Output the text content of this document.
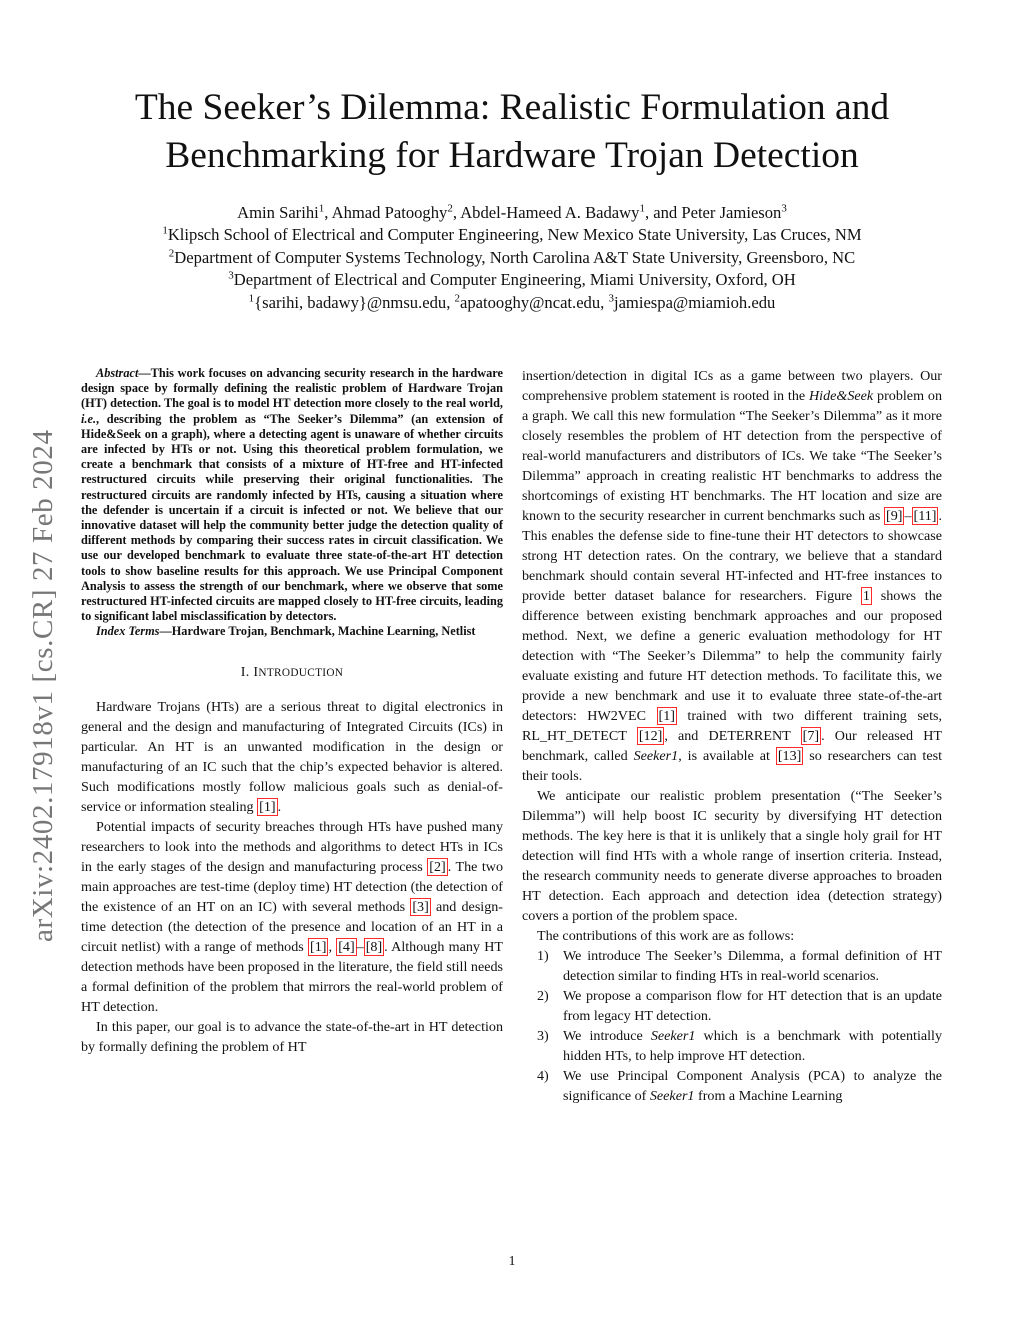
arXiv:2402.17918v1 [cs.CR] 27 Feb 2024
The Seeker’s Dilemma: Realistic Formulation and
Benchmarking for Hardware Trojan Detection
Amin Sarihi$^1$, Ahmad Patooghy$^2$, Abdel-Hameed A. Badawy$^1$, and Peter Jamieson$^3$
$^1$Klipsch School of Electrical and Computer Engineering, New Mexico State University, Las Cruces, NM
$^2$Department of Computer Systems Technology, North Carolina A&T State University, Greensboro, NC
$^3$Department of Electrical and Computer Engineering, Miami University, Oxford, OH
$^1${sarihi, badawy}@nmsu.edu, $^2$apatooghy@ncat.edu, $^3$jamiespa@miamioh.edu

Abstract—This work focuses on advancing security research in the hardware design space by formally defining the realistic problem of Hardware Trojan (HT) detection. The goal is to model HT detection more closely to the real world, i.e., describing the problem as “The Seeker’s Dilemma” (an extension of Hide&Seek on a graph), where a detecting agent is unaware of whether circuits are infected by HTs or not. Using this theoretical problem formulation, we create a benchmark that consists of a mixture of HT-free and HT-infected restructured circuits while preserving their original functionalities. The restructured circuits are randomly infected by HTs, causing a situation where the defender is uncertain if a circuit is infected or not. We believe that our innovative dataset will help the community better judge the detection quality of different methods by comparing their success rates in circuit classification. We use our developed benchmark to evaluate three state-of-the-art HT detection tools to show baseline results for this approach. We use Principal Component Analysis to assess the strength of our benchmark, where we observe that some restructured HT-infected circuits are mapped closely to HT-free circuits, leading to significant label misclassification by detectors.

Index Terms—Hardware Trojan, Benchmark, Machine Learning, Netlist

I. INTRODUCTION

Hardware Trojans (HTs) are a serious threat to digital electronics in general and the design and manufacturing of Integrated Circuits (ICs) in particular. An HT is an unwanted modification in the design or manufacturing of an IC such that the chip’s expected behavior is altered. Such modifications mostly follow malicious goals such as denial-of-service or information stealing [1] .

Potential impacts of security breaches through HTs have pushed many researchers to look into the methods and algorithms to detect HTs in ICs in the early stages of the design and manufacturing process [2] . The two main approaches are test-time (deploy time) HT detection (the detection of the existence of an HT on an IC) with several methods [3] and design-time detection (the detection of the presence and location of an HT in a circuit netlist) with a range of methods [1] , [4] – [8] . Although many HT detection methods have been proposed in the literature, the field still needs a formal definition of the problem that mirrors the real-world problem of HT detection.

In this paper, our goal is to advance the state-of-the-art in HT detection by formally defining the problem of HT

insertion/detection in digital ICs as a game between two players. Our comprehensive problem statement is rooted in the Hide&Seek problem on a graph. We call this new formulation “The Seeker’s Dilemma” as it more closely resembles the problem of HT detection from the perspective of real-world manufacturers and distributors of ICs. We take “The Seeker’s Dilemma” approach in creating realistic HT benchmarks to address the shortcomings of existing HT benchmarks. The HT location and size are known to the security researcher in current benchmarks such as [9] – [11] . This enables the defense side to fine-tune their HT detectors to showcase strong HT detection rates. On the contrary, we believe that a standard benchmark should contain several HT-infected and HT-free instances to provide better dataset balance for researchers. Figure 1 shows the difference between existing benchmark approaches and our proposed method. Next, we define a generic evaluation methodology for HT detection with “The Seeker’s Dilemma” to help the community fairly evaluate existing and future HT detection methods. To facilitate this, we provide a new benchmark and use it to evaluate three state-of-the-art detectors: HW2VEC [1] trained with two different training sets, RL_HT_DETECT [12] , and DETERRENT [7] . Our released HT benchmark, called Seeker1, is available at [13] so researchers can test their tools.

We anticipate our realistic problem presentation (“The Seeker’s Dilemma”) will help boost IC security by diversifying HT detection methods. The key here is that it is unlikely that a single holy grail for HT detection will find HTs with a whole range of insertion criteria. Instead, the research community needs to generate diverse approaches to broaden HT detection. Each approach and detection idea (detection strategy) covers a portion of the problem space.

The contributions of this work are as follows:

1) We introduce The Seeker’s Dilemma, a formal definition of HT detection similar to finding HTs in real-world scenarios.
2) We propose a comparison flow for HT detection that is an update from legacy HT detection.
3) We introduce Seeker1 which is a benchmark with potentially hidden HTs, to help improve HT detection.
4) We use Principal Component Analysis (PCA) to analyze the significance of Seeker1 from a Machine Learning
1
